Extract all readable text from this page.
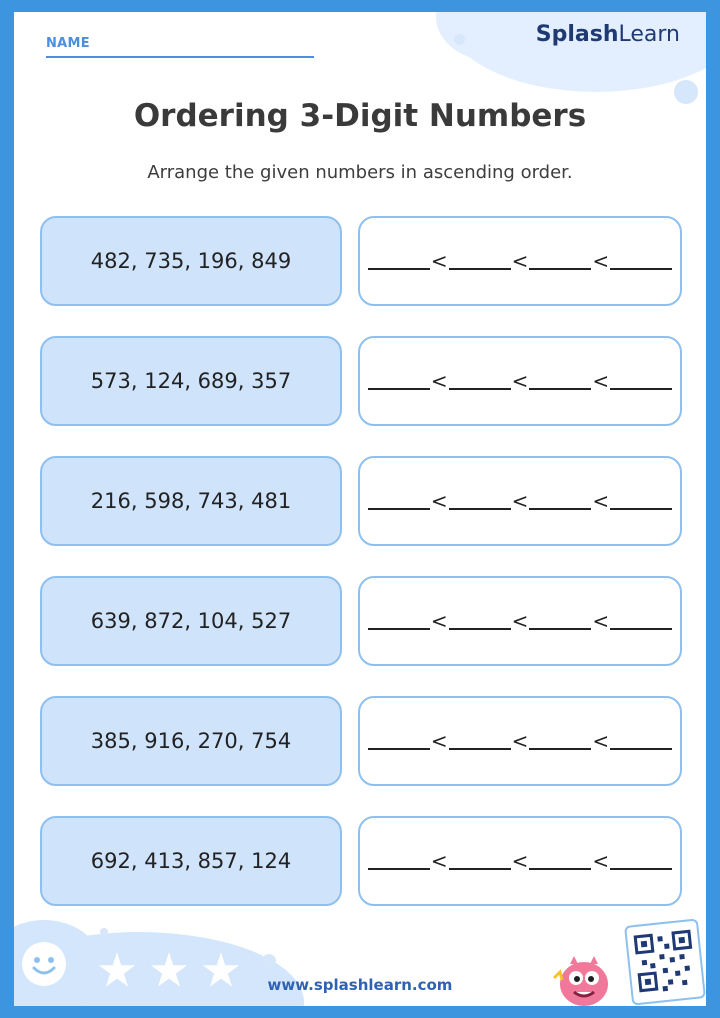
NAME	SplashLearn
Ordering 3-Digit Numbers
Arrange the given numbers in ascending order.
482, 735, 196, 849	<	<	<
573, 124, 689, 357	<	<	<
216, 598, 743, 481	<	<	<
639, 872, 104, 527	<	<	<
385, 916, 270, 754	<	<	<
692, 413, 857, 124	<	<	<
www.splashlearn.com
